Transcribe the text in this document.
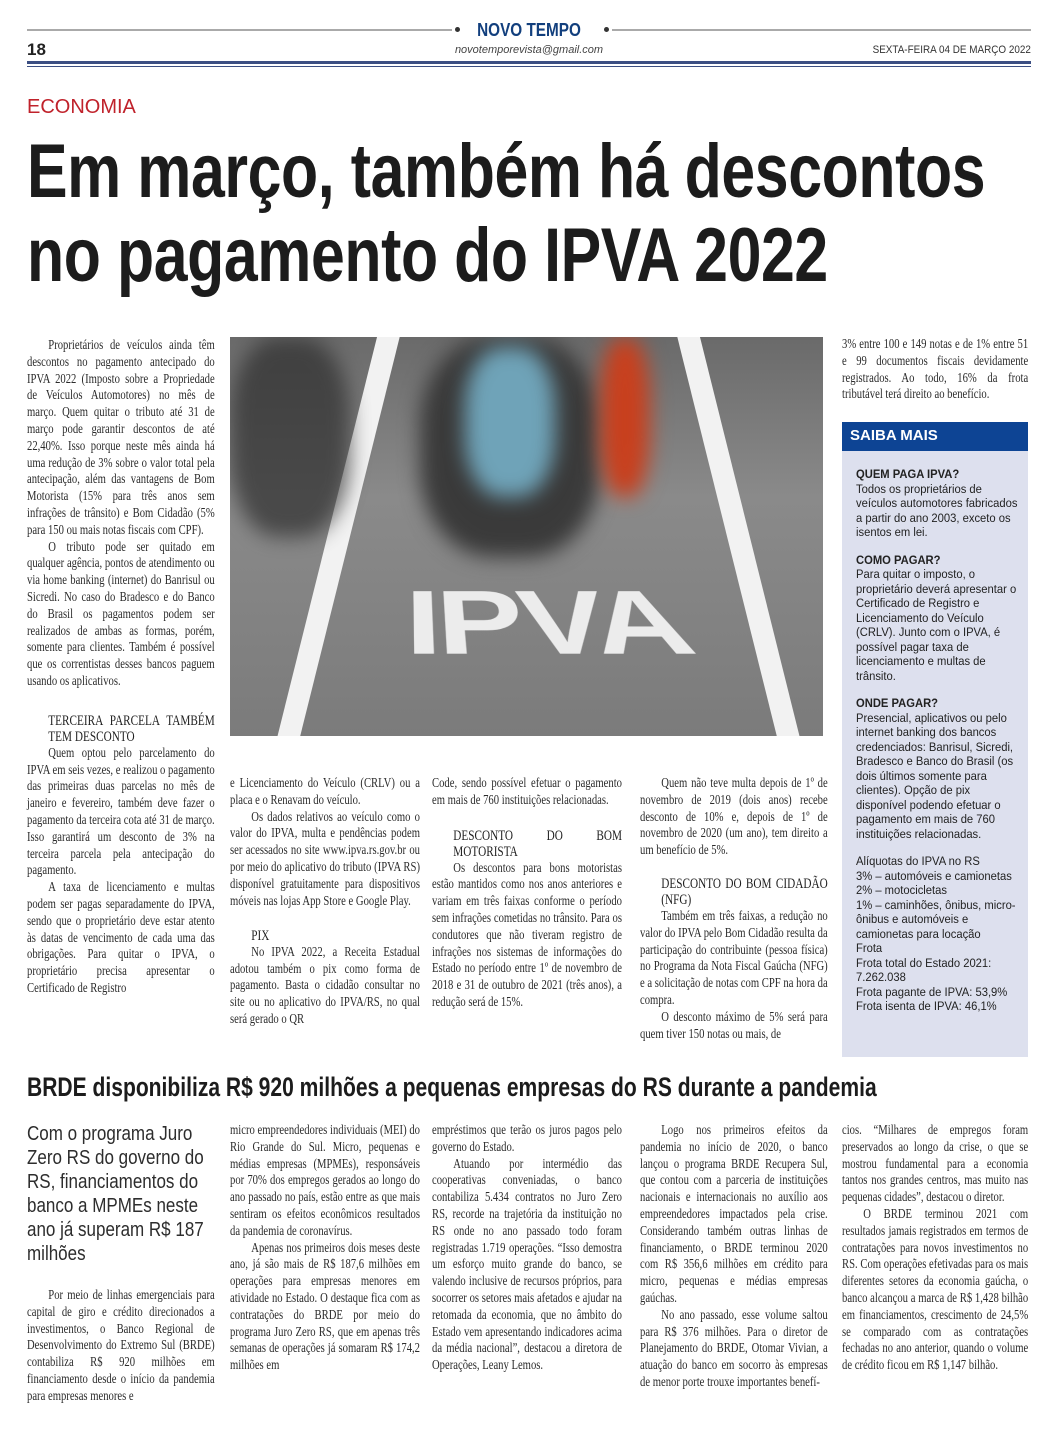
NOVO TEMPO
18	novotemporevista@gmail.com	SEXTA-FEIRA 04 DE MARÇO 2022
ECONOMIA
Em março, também há descontos
no pagamento do IPVA 2022
IPVA

Proprietários de veículos ainda têm descontos no pagamento antecipado do IPVA 2022 (Imposto sobre a Propriedade de Veículos Automotores) no mês de março. Quem quitar o tributo até 31 de março pode garantir descontos de até 22,40%. Isso porque neste mês ainda há uma redução de 3% sobre o valor total pela antecipação, além das vantagens de Bom Motorista (15% para três anos sem infrações de trânsito) e Bom Cidadão (5% para 150 ou mais notas fiscais com CPF).

O tributo pode ser quitado em qualquer agência, pontos de atendimento ou via home banking (internet) do Banrisul ou Sicredi. No caso do Bradesco e do Banco do Brasil os pagamentos podem ser realizados de ambas as formas, porém, somente para clientes. Também é possível que os correntistas desses bancos paguem usando os aplicativos.

TERCEIRA PARCELA TAMBÉM TEM DESCONTO

Quem optou pelo parcelamento do IPVA em seis vezes, e realizou o pagamento das primeiras duas parcelas no mês de janeiro e fevereiro, também deve fazer o pagamento da terceira cota até 31 de março. Isso garantirá um desconto de 3% na terceira parcela pela antecipação do pagamento.

A taxa de licenciamento e multas podem ser pagas separadamente do IPVA, sendo que o proprietário deve estar atento às datas de vencimento de cada uma das obrigações. Para quitar o IPVA, o proprietário precisa apresentar o Certificado de Registro

e Licenciamento do Veículo (CRLV) ou a placa e o Renavam do veículo.

Os dados relativos ao veículo como o valor do IPVA, multa e pendências podem ser acessados no site www.ipva.rs.gov.br ou por meio do aplicativo do tributo (IPVA RS) disponível gratuitamente para dispositivos móveis nas lojas App Store e Google Play.

PIX

No IPVA 2022, a Receita Estadual adotou também o pix como forma de pagamento. Basta o cidadão consultar no site ou no aplicativo do IPVA/RS, no qual será gerado o QR

Code, sendo possível efetuar o pagamento em mais de 760 instituições relacionadas.

DESCONTO DO BOM MOTORISTA

Os descontos para bons motoristas estão mantidos como nos anos anteriores e variam em três faixas conforme o período sem infrações cometidas no trânsito. Para os condutores que não tiveram registro de infrações nos sistemas de informações do Estado no período entre 1º de novembro de 2018 e 31 de outubro de 2021 (três anos), a redução será de 15%.

Quem não teve multa depois de 1º de novembro de 2019 (dois anos) recebe desconto de 10% e, depois de 1º de novembro de 2020 (um ano), tem direito a um benefício de 5%.

DESCONTO DO BOM CIDADÃO (NFG)

Também em três faixas, a redução no valor do IPVA pelo Bom Cidadão resulta da participação do contribuinte (pessoa física) no Programa da Nota Fiscal Gaúcha (NFG) e a solicitação de notas com CPF na hora da compra.

O desconto máximo de 5% será para quem tiver 150 notas ou mais, de

3% entre 100 e 149 notas e de 1% entre 51 e 99 documentos fiscais devidamente registrados. Ao todo, 16% da frota tributável terá direito ao benefício.

SAIBA MAIS
QUEM PAGA IPVA?
Todos os proprietários de veículos automotores fabricados a partir do ano 2003, exceto os isentos em lei.
COMO PAGAR?
Para quitar o imposto, o proprietário deverá apresentar o Certificado de Registro e Licenciamento do Veículo (CRLV). Junto com o IPVA, é possível pagar taxa de licenciamento e multas de trânsito.
ONDE PAGAR?
Presencial, aplicativos ou pelo internet banking dos bancos credenciados: Banrisul, Sicredi, Bradesco e Banco do Brasil (os dois últimos somente para clientes). Opção de pix disponível podendo efetuar o pagamento em mais de 760 instituições relacionadas.
Alíquotas do IPVA no RS
3% – automóveis e camionetas
2% – motocicletas
1% – caminhões, ônibus, micro-ônibus e automóveis e camionetas para locação
Frota
Frota total do Estado 2021: 7.262.038
Frota pagante de IPVA: 53,9%
Frota isenta de IPVA: 46,1%
BRDE disponibiliza R$ 920 milhões a pequenas empresas do RS durante a pandemia
Com o programa Juro Zero RS do governo do RS, financiamentos do banco a MPMEs neste ano já superam R$ 187 milhões

Por meio de linhas emergenciais para capital de giro e crédito direcionados a investimentos, o Banco Regional de Desenvolvimento do Extremo Sul (BRDE) contabiliza R$ 920 milhões em financiamento desde o início da pandemia para empresas menores e

micro empreendedores individuais (MEI) do Rio Grande do Sul. Micro, pequenas e médias empresas (MPMEs), responsáveis por 70% dos empregos gerados ao longo do ano passado no país, estão entre as que mais sentiram os efeitos econômicos resultados da pandemia de coronavírus.

Apenas nos primeiros dois meses deste ano, já são mais de R$ 187,6 milhões em operações para empresas menores em atividade no Estado. O destaque fica com as contratações do BRDE por meio do programa Juro Zero RS, que em apenas três semanas de operações já somaram R$ 174,2 milhões em

empréstimos que terão os juros pagos pelo governo do Estado.

Atuando por intermédio das cooperativas conveniadas, o banco contabiliza 5.434 contratos no Juro Zero RS, recorde na trajetória da instituição no RS onde no ano passado todo foram registradas 1.719 operações. “Isso demostra um esforço muito grande do banco, se valendo inclusive de recursos próprios, para socorrer os setores mais afetados e ajudar na retomada da economia, que no âmbito do Estado vem apresentando indicadores acima da média nacional”, destacou a diretora de Operações, Leany Lemos.

Logo nos primeiros efeitos da pandemia no início de 2020, o banco lançou o programa BRDE Recupera Sul, que contou com a parceria de instituições nacionais e internacionais no auxílio aos empreendedores impactados pela crise. Considerando também outras linhas de financiamento, o BRDE terminou 2020 com R$ 356,6 milhões em crédito para micro, pequenas e médias empresas gaúchas.

No ano passado, esse volume saltou para R$ 376 milhões. Para o diretor de Planejamento do BRDE, Otomar Vivian, a atuação do banco em socorro às empresas de menor porte trouxe importantes benefí-

cios. “Milhares de empregos foram preservados ao longo da crise, o que se mostrou fundamental para a economia tantos nos grandes centros, mas muito nas pequenas cidades”, destacou o diretor.

O BRDE terminou 2021 com resultados jamais registrados em termos de contratações para novos investimentos no RS. Com operações efetivadas para os mais diferentes setores da economia gaúcha, o banco alcançou a marca de R$ 1,428 bilhão em financiamentos, crescimento de 24,5% se comparado com as contratações fechadas no ano anterior, quando o volume de crédito ficou em R$ 1,147 bilhão.
